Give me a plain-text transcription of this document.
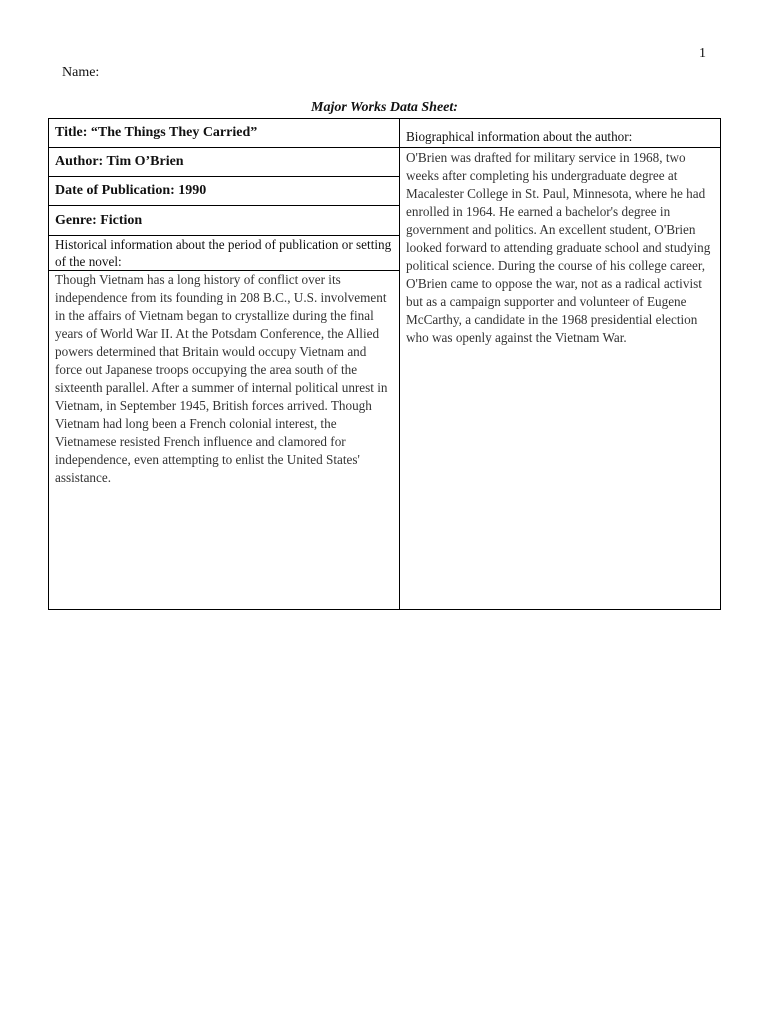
1
Name:
Major Works Data Sheet:
Title: “The Things They Carried”
Author: Tim O’Brien
Date of Publication: 1990
Genre: Fiction
Historical information about the period of publication or setting of the novel:
Though Vietnam has a long history of conflict over its independence from its founding in 208 B.C., U.S. involvement in the affairs of Vietnam began to crystallize during the final years of World War II. At the Potsdam Conference, the Allied powers determined that Britain would occupy Vietnam and force out Japanese troops occupying the area south of the sixteenth parallel. After a summer of internal political unrest in Vietnam, in September 1945, British forces arrived. Though Vietnam had long been a French colonial interest, the Vietnamese resisted French influence and clamored for independence, even attempting to enlist the United States' assistance.
Biographical information about the author:
O'Brien was drafted for military service in 1968, two weeks after completing his undergraduate degree at Macalester College in St. Paul, Minnesota, where he had enrolled in 1964. He earned a bachelor's degree in government and politics. An excellent student, O'Brien looked forward to attending graduate school and studying political science. During the course of his college career, O'Brien came to oppose the war, not as a radical activist but as a campaign supporter and volunteer of Eugene McCarthy, a candidate in the 1968 presidential election who was openly against the Vietnam War.
